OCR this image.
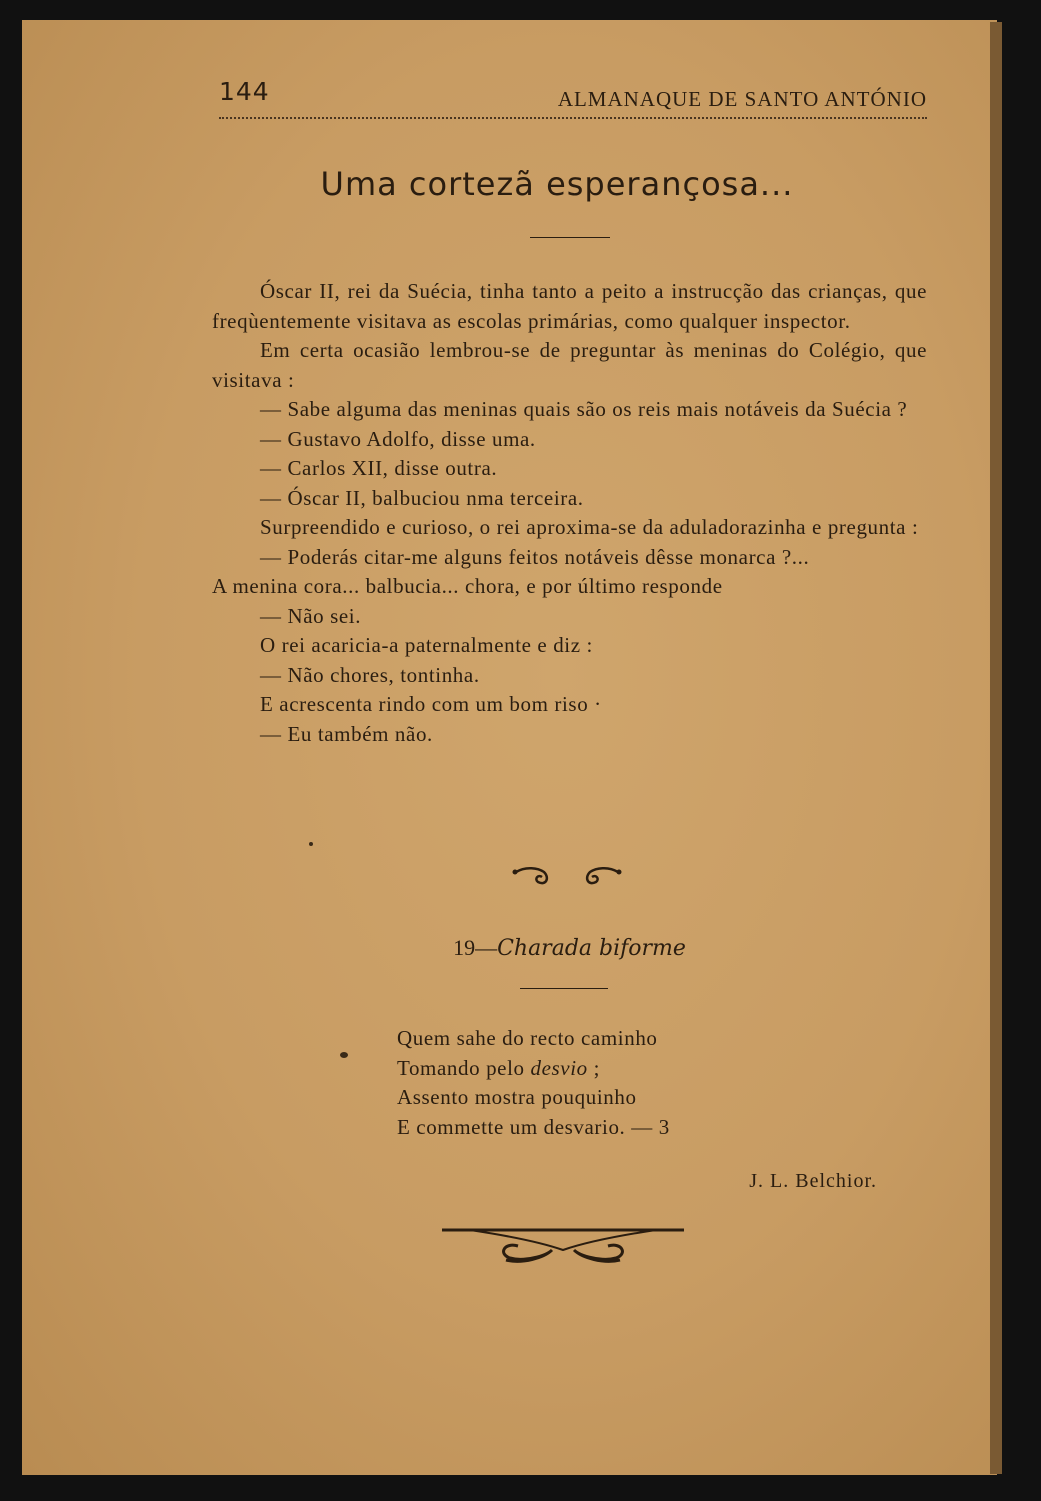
144	ALMANAQUE DE SANTO ANTÓNIO
Uma cortezã esperançosa...

Óscar II, rei da Suécia, tinha tanto a peito a instrucção das crianças, que freqùentemente visitava as escolas primárias, como qualquer inspector.

Em certa ocasião lembrou-se de preguntar às meninas do Colégio, que visitava :

— Sabe alguma das meninas quais são os reis mais notáveis da Suécia ?

— Gustavo Adolfo, disse uma.

— Carlos XII, disse outra.

— Óscar II, balbuciou nma terceira.

Surpreendido e curioso, o rei aproxima-se da aduladorazinha e pregunta :

— Poderás citar-me alguns feitos notáveis dêsse monarca ?...

A menina cora... balbucia... chora, e por último responde

— Não sei.

O rei acaricia-a paternalmente e diz :

— Não chores, tontinha.

E acrescenta rindo com um bom riso ·

— Eu também não.

19—Charada biforme
Quem sahe do recto caminho
Tomando pelo desvio ;
Assento mostra pouquinho
E commette um desvario. — 3
J. L. Belchior.
